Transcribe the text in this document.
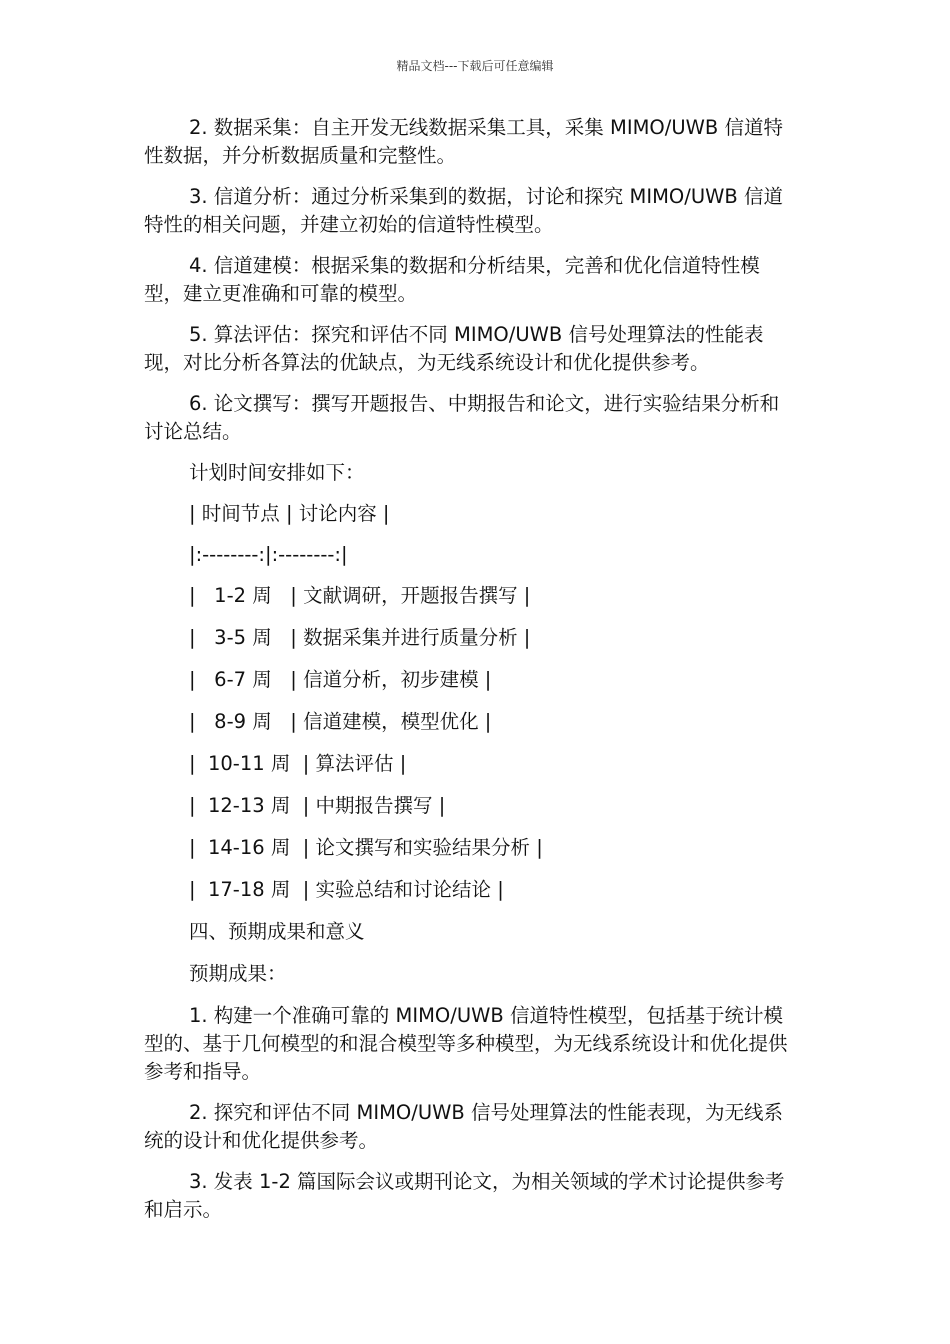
精品文档---下载后可任意编辑

2. 数据采集：自主开发无线数据采集工具，采集 MIMO/UWB 信道特性数据，并分析数据质量和完整性。

3. 信道分析：通过分析采集到的数据，讨论和探究 MIMO/UWB 信道特性的相关问题，并建立初始的信道特性模型。

4. 信道建模：根据采集的数据和分析结果，完善和优化信道特性模型，建立更准确和可靠的模型。

5. 算法评估：探究和评估不同 MIMO/UWB 信号处理算法的性能表现，对比分析各算法的优缺点，为无线系统设计和优化提供参考。

6. 论文撰写：撰写开题报告、中期报告和论文，进行实验结果分析和讨论总结。

计划时间安排如下：

| 时间节点 | 讨论内容 |

|:--------:|:--------:|

|   1-2 周   | 文献调研，开题报告撰写 |

|   3-5 周   | 数据采集并进行质量分析 |

|   6-7 周   | 信道分析，初步建模 |

|   8-9 周   | 信道建模，模型优化 |

|  10-11 周  | 算法评估 |

|  12-13 周  | 中期报告撰写 |

|  14-16 周  | 论文撰写和实验结果分析 |

|  17-18 周  | 实验总结和讨论结论 |

四、预期成果和意义

预期成果：

1. 构建一个准确可靠的 MIMO/UWB 信道特性模型，包括基于统计模型的、基于几何模型的和混合模型等多种模型，为无线系统设计和优化提供参考和指导。

2. 探究和评估不同 MIMO/UWB 信号处理算法的性能表现，为无线系统的设计和优化提供参考。

3. 发表 1-2 篇国际会议或期刊论文，为相关领域的学术讨论提供参考和启示。
